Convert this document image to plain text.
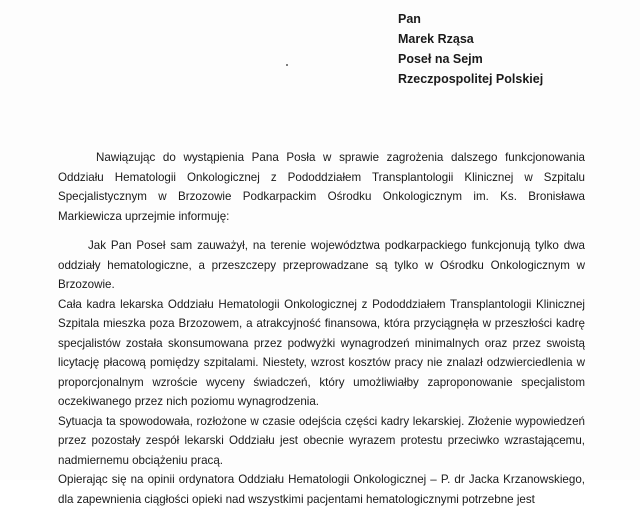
Pan
Marek Rząsa
Poseł na Sejm
Rzeczpospolitej Polskiej

Nawiązując do wystąpienia Pana Posła w sprawie zagrożenia dalszego funkcjonowania Oddziału Hematologii Onkologicznej z Pododdziałem Transplantologii Klinicznej w Szpitalu Specjalistycznym w Brzozowie Podkarpackim Ośrodku Onkologicznym im. Ks. Bronisława Markiewicza uprzejmie informuję:

Jak Pan Poseł sam zauważył, na terenie województwa podkarpackiego funkcjonują tylko dwa oddziały hematologiczne, a przeszczepy przeprowadzane są tylko w Ośrodku Onkologicznym w Brzozowie.

Cała kadra lekarska Oddziału Hematologii Onkologicznej z Pododdziałem Transplantologii Klinicznej Szpitala mieszka poza Brzozowem, a atrakcyjność finansowa, która przyciągnęła w przeszłości kadrę specjalistów została skonsumowana przez podwyżki wynagrodzeń minimalnych oraz przez swoistą licytację płacową pomiędzy szpitalami. Niestety, wzrost kosztów pracy nie znalazł odzwierciedlenia w proporcjonalnym wzroście wyceny świadczeń, który umożliwiałby zaproponowanie specjalistom oczekiwanego przez nich poziomu wynagrodzenia.

Sytuacja ta spowodowała, rozłożone w czasie odejścia części kadry lekarskiej. Złożenie wypowiedzeń przez pozostały zespół lekarski Oddziału jest obecnie wyrazem protestu przeciwko wzrastającemu, nadmiernemu obciążeniu pracą.

Opierając się na opinii ordynatora Oddziału Hematologii Onkologicznej – P. dr Jacka Krzanowskiego, dla zapewnienia ciągłości opieki nad wszystkimi pacjentami hematologicznymi potrzebne jest
